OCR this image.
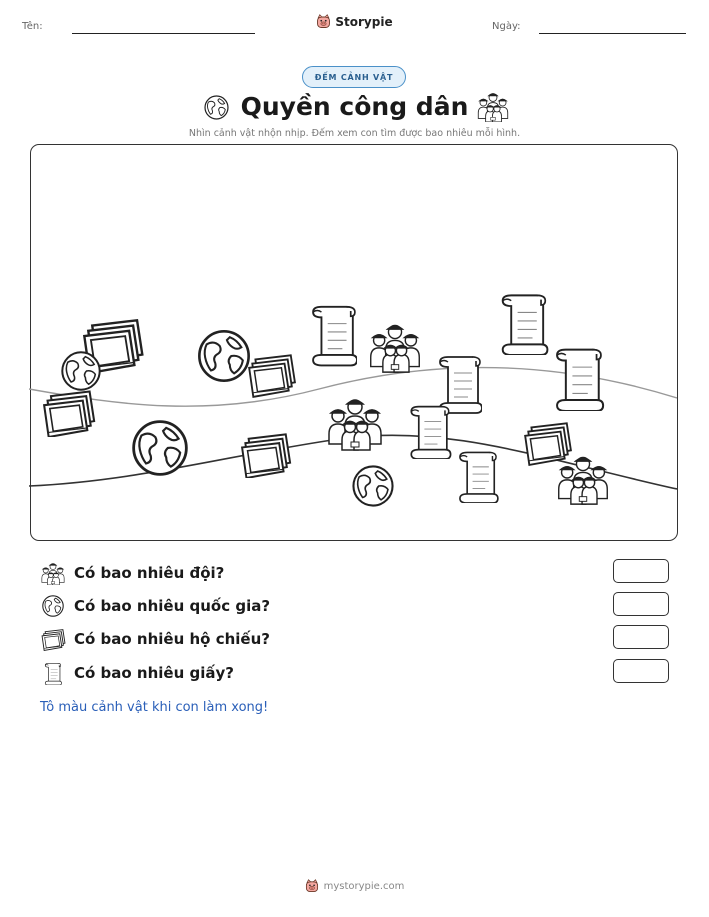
Tên:	Storypie	Ngày:
ĐẾM CẢNH VẬT
Quyền công dân
Nhìn cảnh vật nhộn nhịp. Đếm xem con tìm được bao nhiêu mỗi hình.
Có bao nhiêu đội?
Có bao nhiêu quốc gia?
Có bao nhiêu hộ chiếu?
Có bao nhiêu giấy?
Tô màu cảnh vật khi con làm xong!
mystorypie.com
